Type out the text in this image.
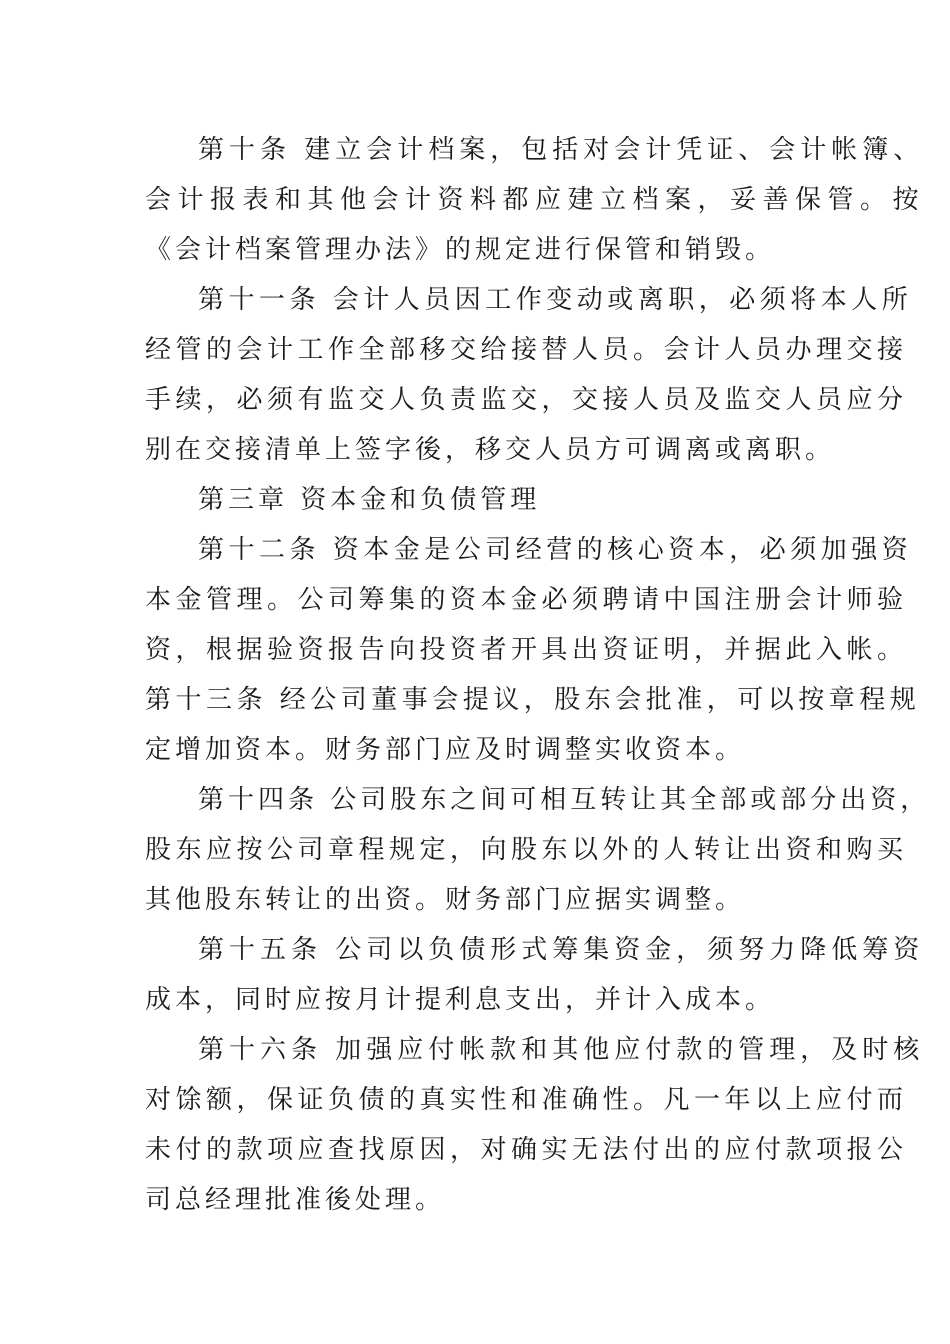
第十条 建立会计档案，包括对会计凭证、会计帐簿、
会计报表和其他会计资料都应建立档案，妥善保管。按
《会计档案管理办法》的规定进行保管和销毁。
第十一条 会计人员因工作变动或离职，必须将本人所
经管的会计工作全部移交给接替人员。会计人员办理交接
手续，必须有监交人负责监交，交接人员及监交人员应分
别在交接清单上签字後，移交人员方可调离或离职。
第三章 资本金和负债管理
第十二条 资本金是公司经营的核心资本，必须加强资
本金管理。公司筹集的资本金必须聘请中国注册会计师验
资，根据验资报告向投资者开具出资证明，并据此入帐。
第十三条 经公司董事会提议，股东会批准，可以按章程规
定增加资本。财务部门应及时调整实收资本。
第十四条 公司股东之间可相互转让其全部或部分出资，
股东应按公司章程规定，向股东以外的人转让出资和购买
其他股东转让的出资。财务部门应据实调整。
第十五条 公司以负债形式筹集资金，须努力降低筹资
成本，同时应按月计提利息支出，并计入成本。
第十六条 加强应付帐款和其他应付款的管理，及时核
对馀额，保证负债的真实性和准确性。凡一年以上应付而
未付的款项应查找原因，对确实无法付出的应付款项报公
司总经理批准後处理。
